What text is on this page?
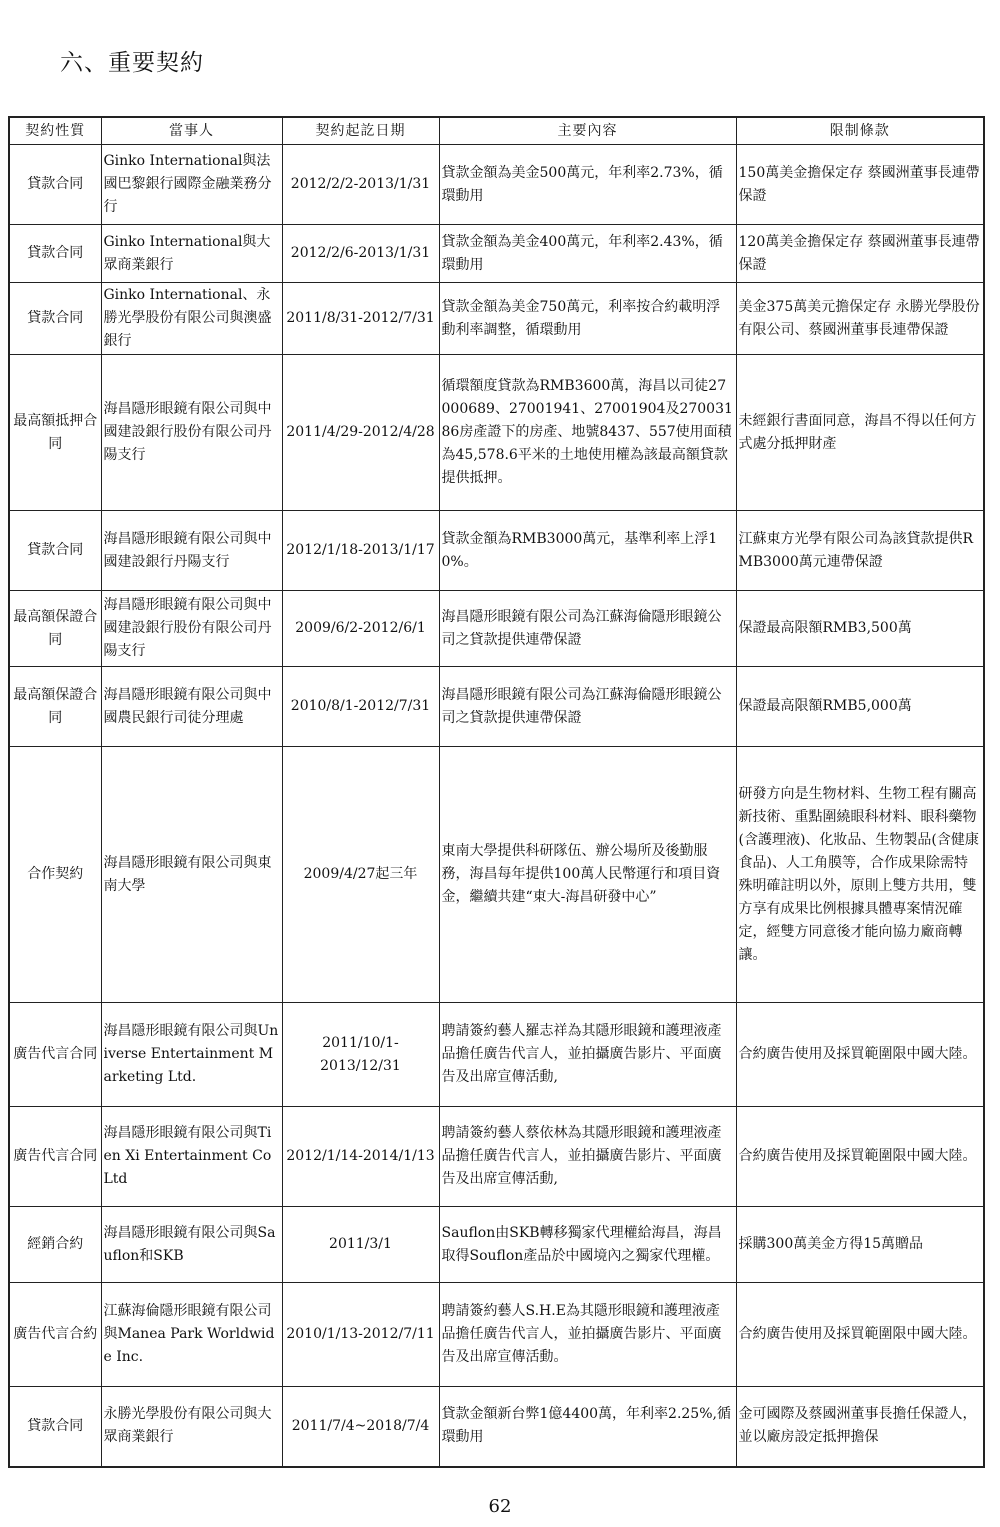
六、重要契約
契約性質	當事人	契約起訖日期	主要內容	限制條款
貸款合同	Ginko International與法國巴黎銀行國際金融業務分行	2012/2/2-2013/1/31	貸款金額為美金500萬元，年利率2.73%，循環動用	150萬美金擔保定存 蔡國洲董事長連帶保證
貸款合同	Ginko International與大眾商業銀行	2012/2/6-2013/1/31	貸款金額為美金400萬元，年利率2.43%，循環動用	120萬美金擔保定存 蔡國洲董事長連帶保證
貸款合同	Ginko International、永勝光學股份有限公司與澳盛銀行	2011/8/31-2012/7/31	貸款金額為美金750萬元，利率按合約載明浮動利率調整，循環動用	美金375萬美元擔保定存 永勝光學股份有限公司、蔡國洲董事長連帶保證
最高額抵押合同	海昌隱形眼鏡有限公司與中國建設銀行股份有限公司丹陽支行	2011/4/29-2012/4/28	循環額度貸款為RMB3600萬，海昌以司徒27000689、27001941、27001904及27003186房產證下的房產、地號8437、557使用面積為45,578.6平米的土地使用權為該最高額貸款提供抵押。	未經銀行書面同意，海昌不得以任何方式處分抵押財產
貸款合同	海昌隱形眼鏡有限公司與中國建設銀行丹陽支行	2012/1/18-2013/1/17	貸款金額為RMB3000萬元，基準利率上浮10%。	江蘇東方光學有限公司為該貸款提供RMB3000萬元連帶保證
最高額保證合同	海昌隱形眼鏡有限公司與中國建設銀行股份有限公司丹陽支行	2009/6/2-2012/6/1	海昌隱形眼鏡有限公司為江蘇海倫隱形眼鏡公司之貸款提供連帶保證	保證最高限額RMB3,500萬
最高額保證合同	海昌隱形眼鏡有限公司與中國農民銀行司徒分理處	2010/8/1-2012/7/31	海昌隱形眼鏡有限公司為江蘇海倫隱形眼鏡公司之貸款提供連帶保證	保證最高限額RMB5,000萬
合作契約	海昌隱形眼鏡有限公司與東南大學	2009/4/27起三年	東南大學提供科研隊伍、辦公場所及後勤服務，海昌每年提供100萬人民幣運行和項目資金，繼續共建“東大-海昌研發中心”	研發方向是生物材料、生物工程有關高新技術、重點圍繞眼科材料、眼科藥物(含護理液)、化妝品、生物製品(含健康食品)、人工角膜等，合作成果除需特殊明確註明以外，原則上雙方共用，雙方享有成果比例根據具體專案情況確定，經雙方同意後才能向協力廠商轉讓。
廣告代言合同	海昌隱形眼鏡有限公司與Universe Entertainment Marketing Ltd.	2011/10/1-2013/12/31	聘請簽約藝人羅志祥為其隱形眼鏡和護理液產品擔任廣告代言人，並拍攝廣告影片、平面廣告及出席宣傳活動,	合約廣告使用及採買範圍限中國大陸。
廣告代言合同	海昌隱形眼鏡有限公司與Tien Xi Entertainment Co Ltd	2012/1/14-2014/1/13	聘請簽約藝人蔡依林為其隱形眼鏡和護理液產品擔任廣告代言人，並拍攝廣告影片、平面廣告及出席宣傳活動,	合約廣告使用及採買範圍限中國大陸。
經銷合約	海昌隱形眼鏡有限公司與Sauflon和SKB	2011/3/1	Sauflon由SKB轉移獨家代理權給海昌，海昌取得Souflon產品於中國境內之獨家代理權。	採購300萬美金方得15萬贈品
廣告代言合約	江蘇海倫隱形眼鏡有限公司與Manea Park Worldwide Inc.	2010/1/13-2012/7/11	聘請簽約藝人S.H.E為其隱形眼鏡和護理液產品擔任廣告代言人，並拍攝廣告影片、平面廣告及出席宣傳活動。	合約廣告使用及採買範圍限中國大陸。
貸款合同	永勝光學股份有限公司與大眾商業銀行	2011/7/4~2018/7/4	貸款金額新台弊1億4400萬，年利率2.25%,循環動用	金可國際及蔡國洲董事長擔任保證人，並以廠房設定抵押擔保
62
